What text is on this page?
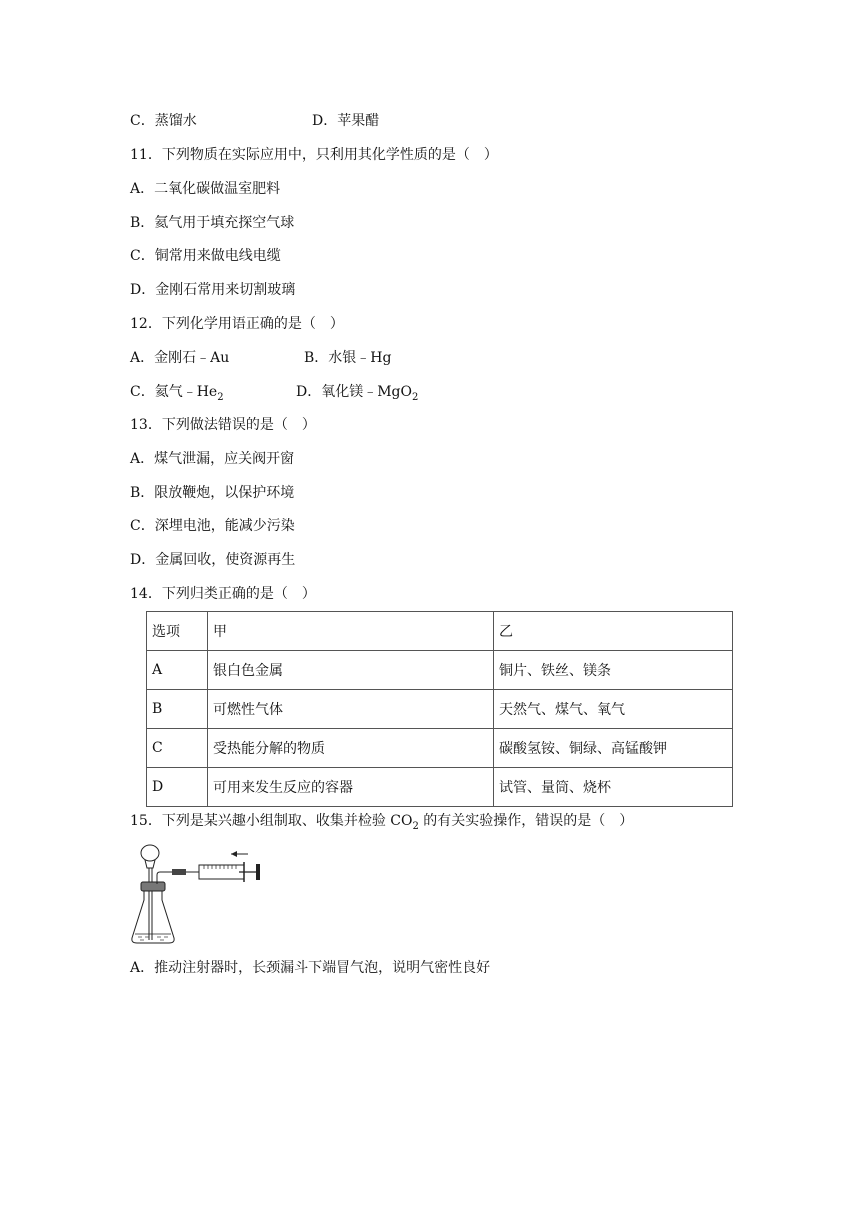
C．蒸馏水	D．苹果醋
11．下列物质在实际应用中，只利用其化学性质的是（　）
A．二氧化碳做温室肥料
B．氦气用于填充探空气球
C．铜常用来做电线电缆
D．金刚石常用来切割玻璃
12．下列化学用语正确的是（　）
A．金刚石﹣Au	B．水银﹣Hg
C．氦气$﹣He_2$	D．氧化镁﹣MgO$_2$
13．下列做法错误的是（　）
A．煤气泄漏，应关阀开窗
B．限放鞭炮，以保护环境
C．深埋电池，能减少污染
D．金属回收，使资源再生
14．下列归类正确的是（　）
选项	甲	乙
A	银白色金属	铜片、铁丝、镁条
B	可燃性气体	天然气、煤气、氧气
C	受热能分解的物质	碳酸氢铵、铜绿、高锰酸钾
D	可用来发生反应的容器	试管、量筒、烧杯
15．下列是某兴趣小组制取、收集并检验 $CO_2$ 的有关实验操作，错误的是（　）
A．推动注射器时，长颈漏斗下端冒气泡，说明气密性良好
